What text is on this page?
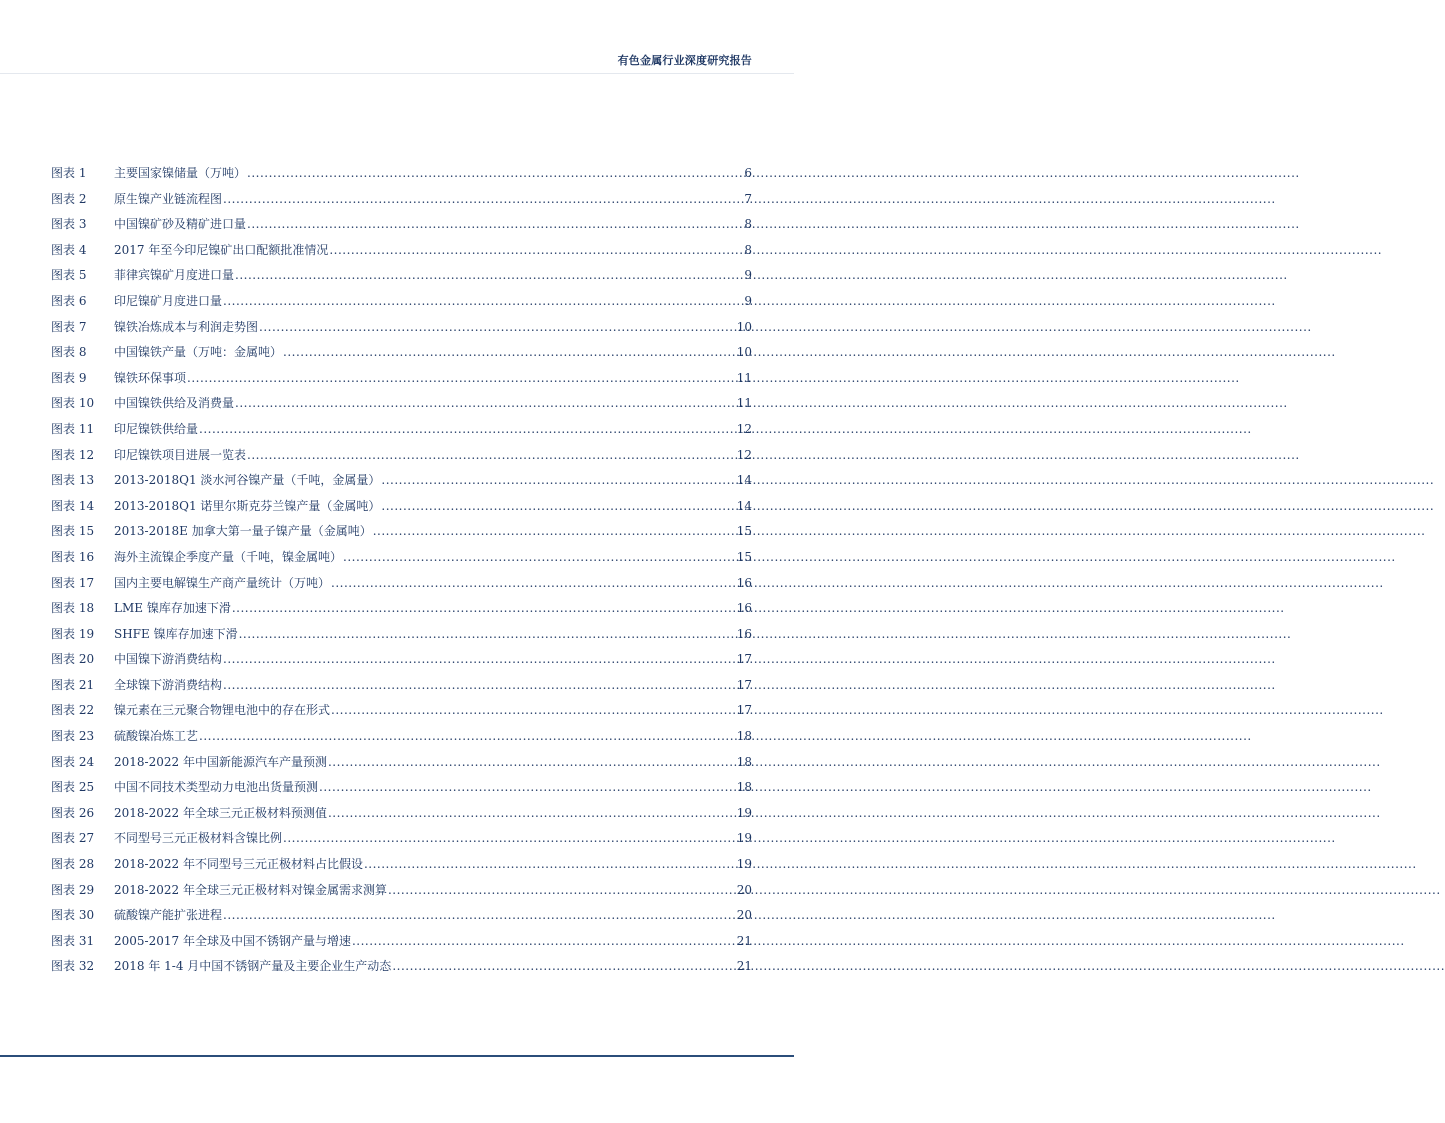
有色金属行业深度研究报告
图表 1	主要国家镍储量（万吨） .....	6
图表 2	原生镍产业链流程图 .....	7
图表 3	中国镍矿砂及精矿进口量 .....	8
图表 4	2017 年至今印尼镍矿出口配额批准情况 .....	8
图表 5	菲律宾镍矿月度进口量 .....	9
图表 6	印尼镍矿月度进口量 .....	9
图表 7	镍铁冶炼成本与利润走势图 .....	10
图表 8	中国镍铁产量（万吨：金属吨） .....	10
图表 9	镍铁环保事项 .....	11
图表 10	中国镍铁供给及消费量 .....	11
图表 11	印尼镍铁供给量 .....	12
图表 12	印尼镍铁项目进展一览表 .....	12
图表 13	2013-2018Q1 淡水河谷镍产量（千吨，金属量） .....	14
图表 14	2013-2018Q1 诺里尔斯克芬兰镍产量（金属吨） .....	14
图表 15	2013-2018E 加拿大第一量子镍产量（金属吨） .....	15
图表 16	海外主流镍企季度产量（千吨，镍金属吨） .....	15
图表 17	国内主要电解镍生产商产量统计（万吨） .....	16
图表 18	LME 镍库存加速下滑 .....	16
图表 19	SHFE 镍库存加速下滑 .....	16
图表 20	中国镍下游消费结构 .....	17
图表 21	全球镍下游消费结构 .....	17
图表 22	镍元素在三元聚合物锂电池中的存在形式 .....	17
图表 23	硫酸镍冶炼工艺 .....	18
图表 24	2018-2022 年中国新能源汽车产量预测 .....	18
图表 25	中国不同技术类型动力电池出货量预测 .....	18
图表 26	2018-2022 年全球三元正极材料预测值 .....	19
图表 27	不同型号三元正极材料含镍比例 .....	19
图表 28	2018-2022 年不同型号三元正极材料占比假设 .....	19
图表 29	2018-2022 年全球三元正极材料对镍金属需求测算 .....	20
图表 30	硫酸镍产能扩张进程 .....	20
图表 31	2005-2017 年全球及中国不锈钢产量与增速 .....	21
图表 32	2018 年 1-4 月中国不锈钢产量及主要企业生产动态 .....	21
